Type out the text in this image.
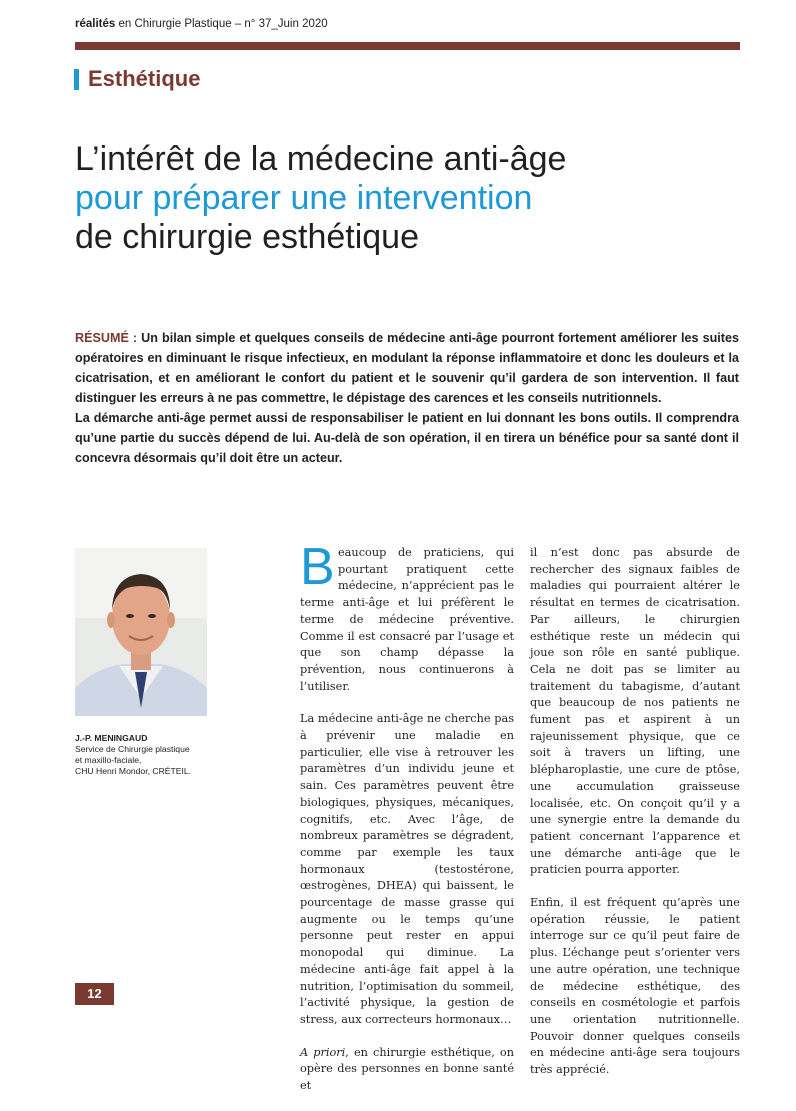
réalités en Chirurgie Plastique – n° 37_Juin 2020
Esthétique
L’intérêt de la médecine anti-âge
pour préparer une intervention
de chirurgie esthétique

RÉSUMÉ : Un bilan simple et quelques conseils de médecine anti-âge pourront fortement améliorer les suites opératoires en diminuant le risque infectieux, en modulant la réponse inflammatoire et donc les douleurs et la cicatrisation, et en améliorant le confort du patient et le souvenir qu’il gardera de son intervention. Il faut distinguer les erreurs à ne pas commettre, le dépistage des carences et les conseils nutritionnels.

La démarche anti-âge permet aussi de responsabiliser le patient en lui donnant les bons outils. Il comprendra qu’une partie du succès dépend de lui. Au-delà de son opération, il en tirera un bénéfice pour sa santé dont il concevra désormais qu’il doit être un acteur.

J.-P. MENINGAUD
Service de Chirurgie plastique
et maxillo-faciale,
CHU Henri Mondor, CRÉTEIL.

B eaucoup de praticiens, qui pourtant pratiquent cette médecine, n’apprécient pas le terme anti-âge et lui préfèrent le terme de médecine préventive. Comme il est consacré par l’usage et que son champ dépasse la prévention, nous continuerons à l’utiliser.

La médecine anti-âge ne cherche pas à prévenir une maladie en particulier, elle vise à retrouver les paramètres d’un individu jeune et sain. Ces paramètres peuvent être biologiques, physiques, mécaniques, cognitifs, etc. Avec l’âge, de nombreux paramètres se dégradent, comme par exemple les taux hormonaux (testostérone, œstrogènes, DHEA) qui baissent, le pourcentage de masse grasse qui augmente ou le temps qu’une personne peut rester en appui monopodal qui diminue. La médecine anti-âge fait appel à la nutrition, l’optimisation du sommeil, l’activité physique, la gestion de stress, aux correcteurs hormonaux…

A priori, en chirurgie esthétique, on opère des personnes en bonne santé et

il n’est donc pas absurde de rechercher des signaux faibles de maladies qui pourraient altérer le résultat en termes de cicatrisation. Par ailleurs, le chirurgien esthétique reste un médecin qui joue son rôle en santé publique. Cela ne doit pas se limiter au traitement du tabagisme, d’autant que beaucoup de nos patients ne fument pas et aspirent à un rajeunissement physique, que ce soit à travers un lifting, une blépharoplastie, une cure de ptôse, une accumulation graisseuse localisée, etc. On conçoit qu’il y a une synergie entre la demande du patient concernant l’apparence et une démarche anti-âge que le praticien pourra apporter.

Enfin, il est fréquent qu’après une opération réussie, le patient interroge sur ce qu’il peut faire de plus. L’échange peut s’orienter vers une autre opération, une technique de médecine esthétique, des conseils en cosmétologie et parfois une orientation nutritionnelle. Pouvoir donner quelques conseils en médecine anti-âge sera toujours très apprécié.

12
